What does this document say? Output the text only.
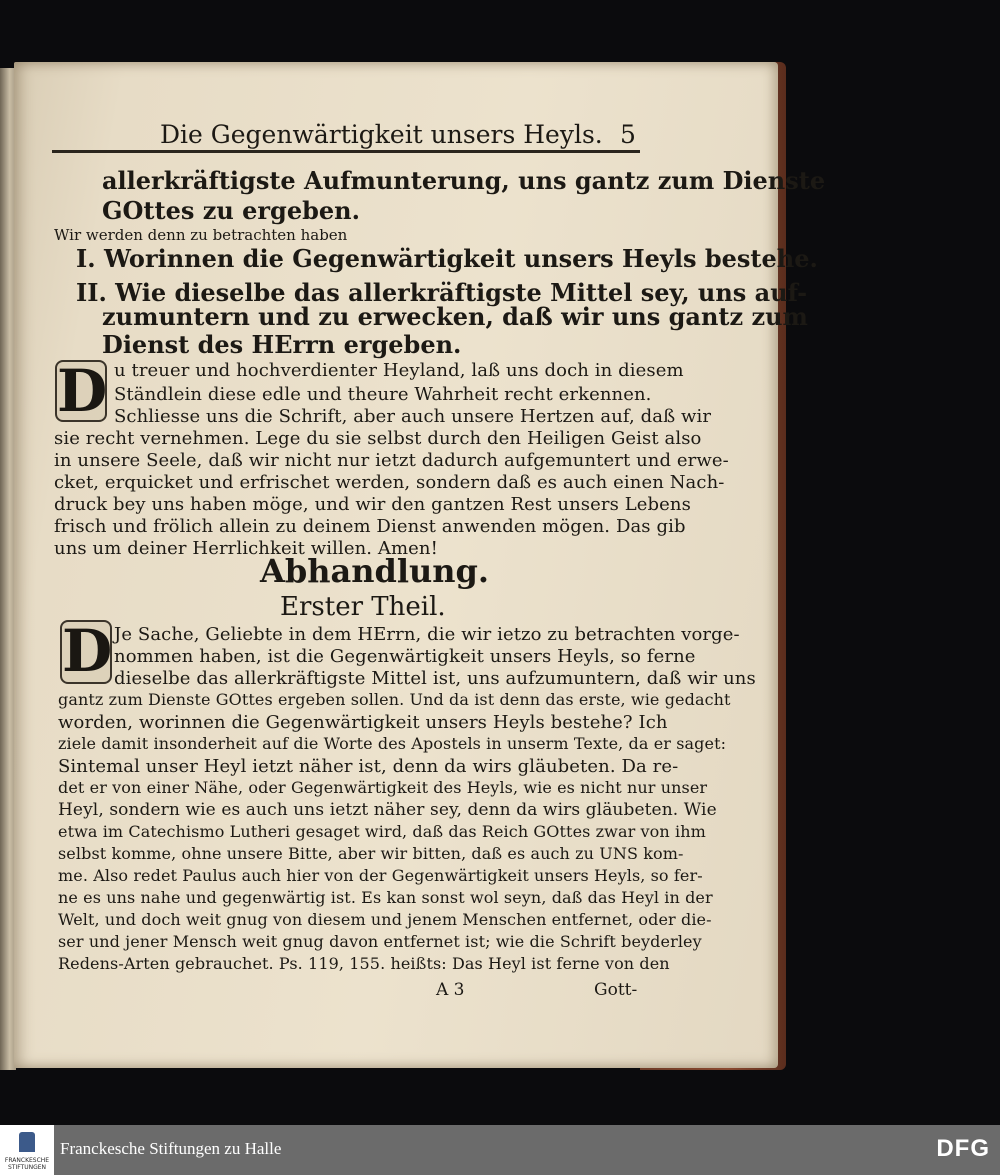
Die Gegenwärtigkeit unsers Heyls. 5
allerkräftigste Aufmunterung, uns gantz zum Dienste
GOttes zu ergeben.
Wir werden denn zu betrachten haben
I. Worinnen die Gegenwärtigkeit unsers Heyls bestehe.
II. Wie dieselbe das allerkräftigste Mittel sey, uns auf-
zumuntern und zu erwecken, daß wir uns gantz zum
Dienst des HErrn ergeben.
D u treuer und hochverdienter Heyland, laß uns doch in diesem
Ständlein diese edle und theure Wahrheit recht erkennen.
Schliesse uns die Schrift, aber auch unsere Hertzen auf, daß wir
sie recht vernehmen. Lege du sie selbst durch den Heiligen Geist also
in unsere Seele, daß wir nicht nur ietzt dadurch aufgemuntert und erwe-
cket, erquicket und erfrischet werden, sondern daß es auch einen Nach-
druck bey uns haben möge, und wir den gantzen Rest unsers Lebens
frisch und frölich allein zu deinem Dienst anwenden mögen. Das gib
uns um deiner Herrlichkeit willen. Amen!
Abhandlung.
Erster Theil.
D Je Sache, Geliebte in dem HErrn, die wir ietzo zu betrachten vorge-
nommen haben, ist die Gegenwärtigkeit unsers Heyls, so ferne
dieselbe das allerkräftigste Mittel ist, uns aufzumuntern, daß wir uns
gantz zum Dienste GOttes ergeben sollen. Und da ist denn das erste, wie gedacht
worden, worinnen die Gegenwärtigkeit unsers Heyls bestehe? Ich
ziele damit insonderheit auf die Worte des Apostels in unserm Texte, da er saget:
Sintemal unser Heyl ietzt näher ist, denn da wirs gläubeten. Da re-
det er von einer Nähe, oder Gegenwärtigkeit des Heyls, wie es nicht nur unser
Heyl, sondern wie es auch uns ietzt näher sey, denn da wirs gläubeten. Wie
etwa im Catechismo Lutheri gesaget wird, daß das Reich GOttes zwar von ihm
selbst komme, ohne unsere Bitte, aber wir bitten, daß es auch zu UNS kom-
me. Also redet Paulus auch hier von der Gegenwärtigkeit unsers Heyls, so fer-
ne es uns nahe und gegenwärtig ist. Es kan sonst wol seyn, daß das Heyl in der
Welt, und doch weit gnug von diesem und jenem Menschen entfernet, oder die-
ser und jener Mensch weit gnug davon entfernet ist; wie die Schrift beyderley
Redens-Arten gebrauchet. Ps. 119, 155. heißts: Das Heyl ist ferne von den
A 3	Gott-
FRANCKESCHE STIFTUNGEN
Franckesche Stiftungen zu Halle	DFG
